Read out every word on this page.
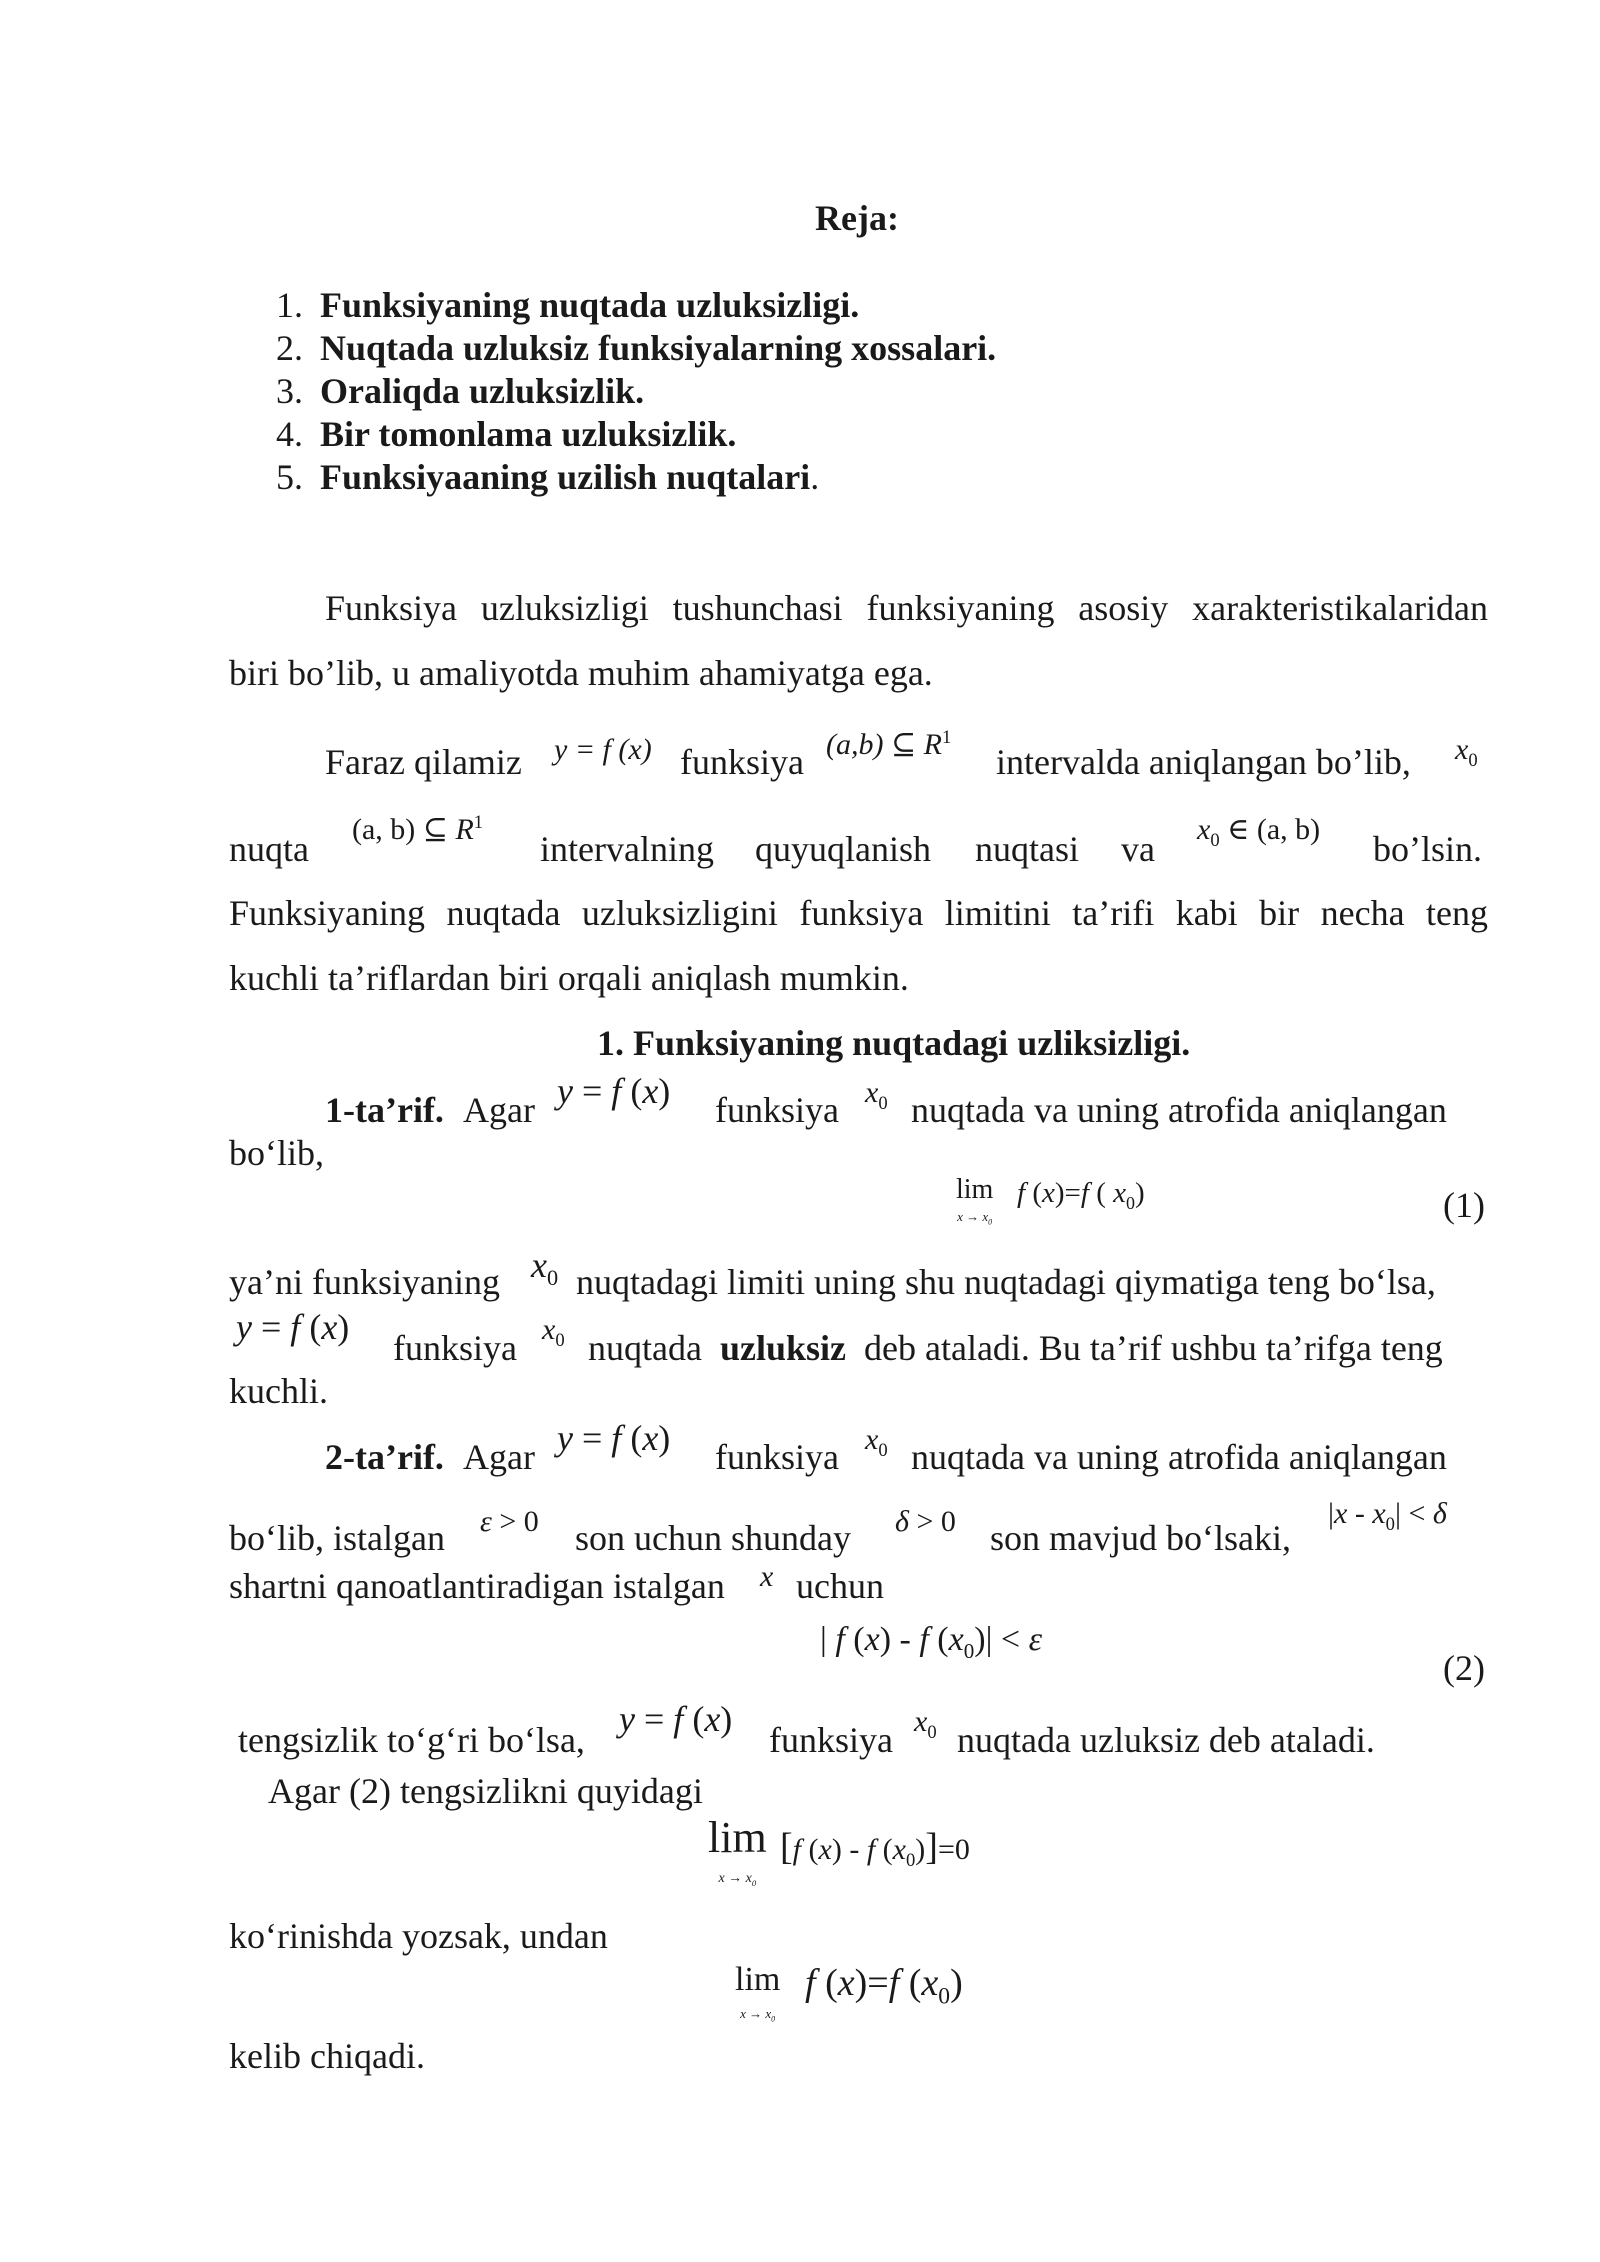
Reja:
1. Funksiyaning nuqtada uzluksizligi.
2. Nuqtada uzluksiz funksiyalarning xossalari.
3. Oraliqda uzluksizlik.
4. Bir tomonlama uzluksizlik.
5. Funksiyaaning uzilish nuqtalari.
Funksiya uzluksizligi tushunchasi funksiyaning asosiy xarakteristikalaridan
biri bo’lib, u amaliyotda muhim ahamiyatga ega.
Faraz qilamiz y = f (x) funksiya (a,b) ⊆ $R^1$
intervalda aniqlangan bo’lib, $x_0$
nuqta (a, b) ⊆ $R^1$
intervalning quyuqlanish nuqtasi va $x_0$ ∈ (a, b) bo’lsin.
Funksiyaning nuqtada uzluksizligini funksiya limitini ta’rifi kabi bir necha teng
kuchli ta’riflardan biri orqali aniqlash mumkin.
1. Funksiyaning nuqtadagi uzliksizligi.
1-ta’rif. Agar y = f (x) funksiya $x_0$ nuqtada va uning atrofida aniqlangan
bo‘lib,
lim
$x \to x_0$
f (x)=f ( $x_0$)	(1)
ya’ni funksiyaning $x_0$ nuqtadagi limiti uning shu nuqtadagi qiymatiga teng bo‘lsa,
y = f (x)
funksiya $x_0$ nuqtada uzluksiz deb ataladi. Bu ta’rif ushbu ta’rifga teng
kuchli.
2-ta’rif. Agar y = f (x) funksiya $x_0$ nuqtada va uning atrofida aniqlangan
bo‘lib, istalgan ε > 0 son uchun shunday δ > 0 son mavjud bo‘lsaki,
$|x - x_0| < \delta$
shartni qanoatlantiradigan istalgan x uchun
| f (x) - f $(x_0)| < \varepsilon$
(2)
tengsizlik to‘g‘ri bo‘lsa,
y = f (x)
funksiya $x_0$ nuqtada uzluksiz deb ataladi.
Agar (2) tengsizlikni quyidagi
lim
$x \to x_0$
[f (x) - f $(x_0)]=0$
ko‘rinishda yozsak, undan
lim
$x \to x_0$
f (x)=f $(x_0)$
kelib chiqadi.
